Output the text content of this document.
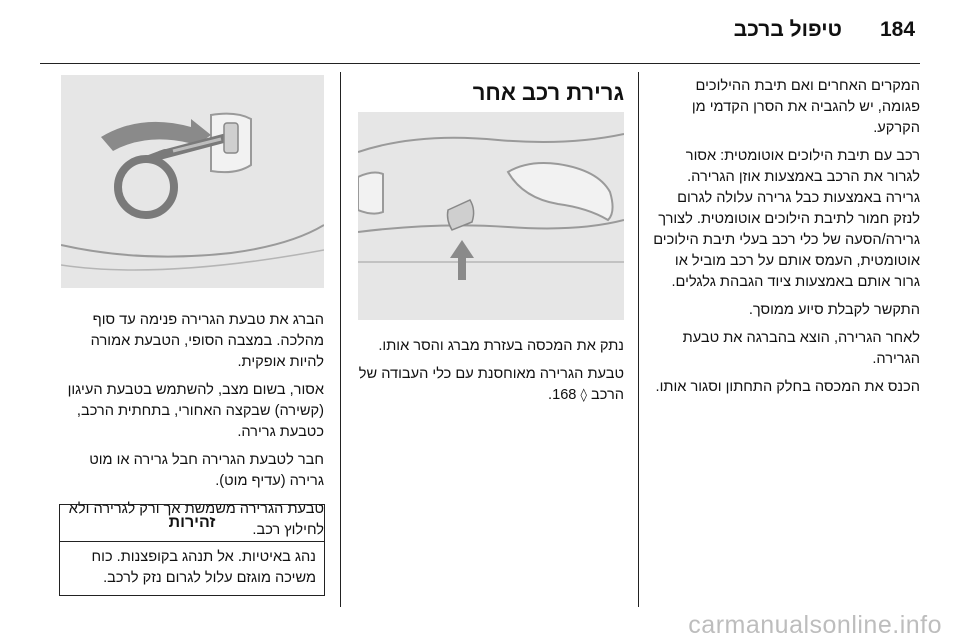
184
טיפול ברכב

המקרים האחרים ואם תיבת ההילוכים פגומה, יש להגביה את הסרן הקדמי מן הקרקע.

רכב עם תיבת הילוכים אוטומטית: אסור לגרור את הרכב באמצעות אוזן הגרירה. גרירה באמצעות כבל גרירה עלולה לגרום לנזק חמור לתיבת הילוכים אוטומטית. לצורך גרירה/הסעה של כלי רכב בעלי תיבת הילוכים אוטומטית, העמס אותם על רכב מוביל או גרור אותם באמצעות ציוד הגבהת גלגלים.

התקשר לקבלת סיוע ממוסך.

לאחר הגרירה, הוצא בהברגה את טבעת הגרירה.

הכנס את המכסה בחלק התחתון וסגור אותו.

גרירת רכב אחר

נתק את המכסה בעזרת מברג והסר אותו.

טבעת הגרירה מאוחסנת עם כלי העבודה של הרכב ◊ 168.

הברג את טבעת הגרירה פנימה עד סוף מהלכה. במצבה הסופי, הטבעת אמורה להיות אופקית.

אסור, בשום מצב, להשתמש בטבעת העיגון (קשירה) שבקצה האחורי, בתחתית הרכב, כטבעת גרירה.

חבר לטבעת הגרירה חבל גרירה או מוט גרירה (עדיף מוט).

טבעת הגרירה משמשת אך ורק לגרירה ולא לחילוץ רכב.

זהירות
נהג באיטיות. אל תנהג בקופצנות. כוח משיכה מוגזם עלול לגרום נזק לרכב.
carmanualsonline.info
